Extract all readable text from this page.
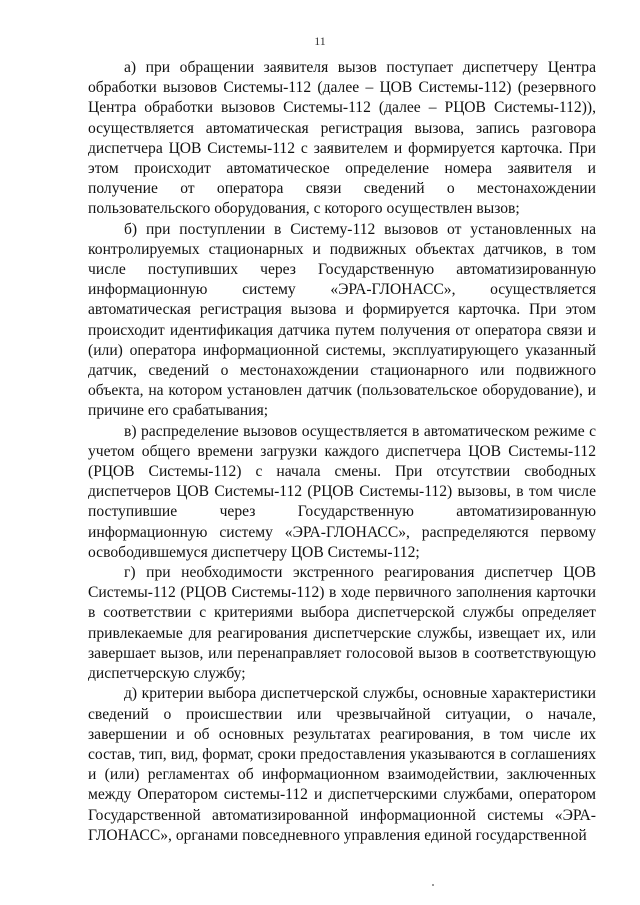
11

а) при обращении заявителя вызов поступает диспетчеру Центра обработки вызовов Системы-112 (далее – ЦОВ Системы-112) (резервного Центра обработки вызовов Системы-112 (далее – РЦОВ Системы-112)), осуществляется автоматическая регистрация вызова, запись разговора диспетчера ЦОВ Системы-112 с заявителем и формируется карточка. При этом происходит автоматическое определение номера заявителя и получение от оператора связи сведений о местонахождении пользовательского оборудования, с которого осуществлен вызов;

б) при поступлении в Систему-112 вызовов от установленных на контролируемых стационарных и подвижных объектах датчиков, в том числе поступивших через Государственную автоматизированную информационную систему «ЭРА-ГЛОНАСС», осуществляется автоматическая регистрация вызова и формируется карточка. При этом происходит идентификация датчика путем получения от оператора связи и (или) оператора информационной системы, эксплуатирующего указанный датчик, сведений о местонахождении стационарного или подвижного объекта, на котором установлен датчик (пользовательское оборудование), и причине его срабатывания;

в) распределение вызовов осуществляется в автоматическом режиме с учетом общего времени загрузки каждого диспетчера ЦОВ Системы-112 (РЦОВ Системы-112) с начала смены. При отсутствии свободных диспетчеров ЦОВ Системы-112 (РЦОВ Системы-112) вызовы, в том числе поступившие через Государственную автоматизированную информационную систему «ЭРА-ГЛОНАСС», распределяются первому освободившемуся диспетчеру ЦОВ Системы-112;

г) при необходимости экстренного реагирования диспетчер ЦОВ Системы-112 (РЦОВ Системы-112) в ходе первичного заполнения карточки в соответствии с критериями выбора диспетчерской службы определяет привлекаемые для реагирования диспетчерские службы, извещает их, или завершает вызов, или перенаправляет голосовой вызов в соответствующую диспетчерскую службу;

д) критерии выбора диспетчерской службы, основные характеристики сведений о происшествии или чрезвычайной ситуации, о начале, завершении и об основных результатах реагирования, в том числе их состав, тип, вид, формат, сроки предоставления указываются в соглашениях и (или) регламентах об информационном взаимодействии, заключенных между Оператором системы-112 и диспетчерскими службами, оператором Государственной автоматизированной информационной системы «ЭРА-ГЛОНАСС», органами повседневного управления единой государственной
